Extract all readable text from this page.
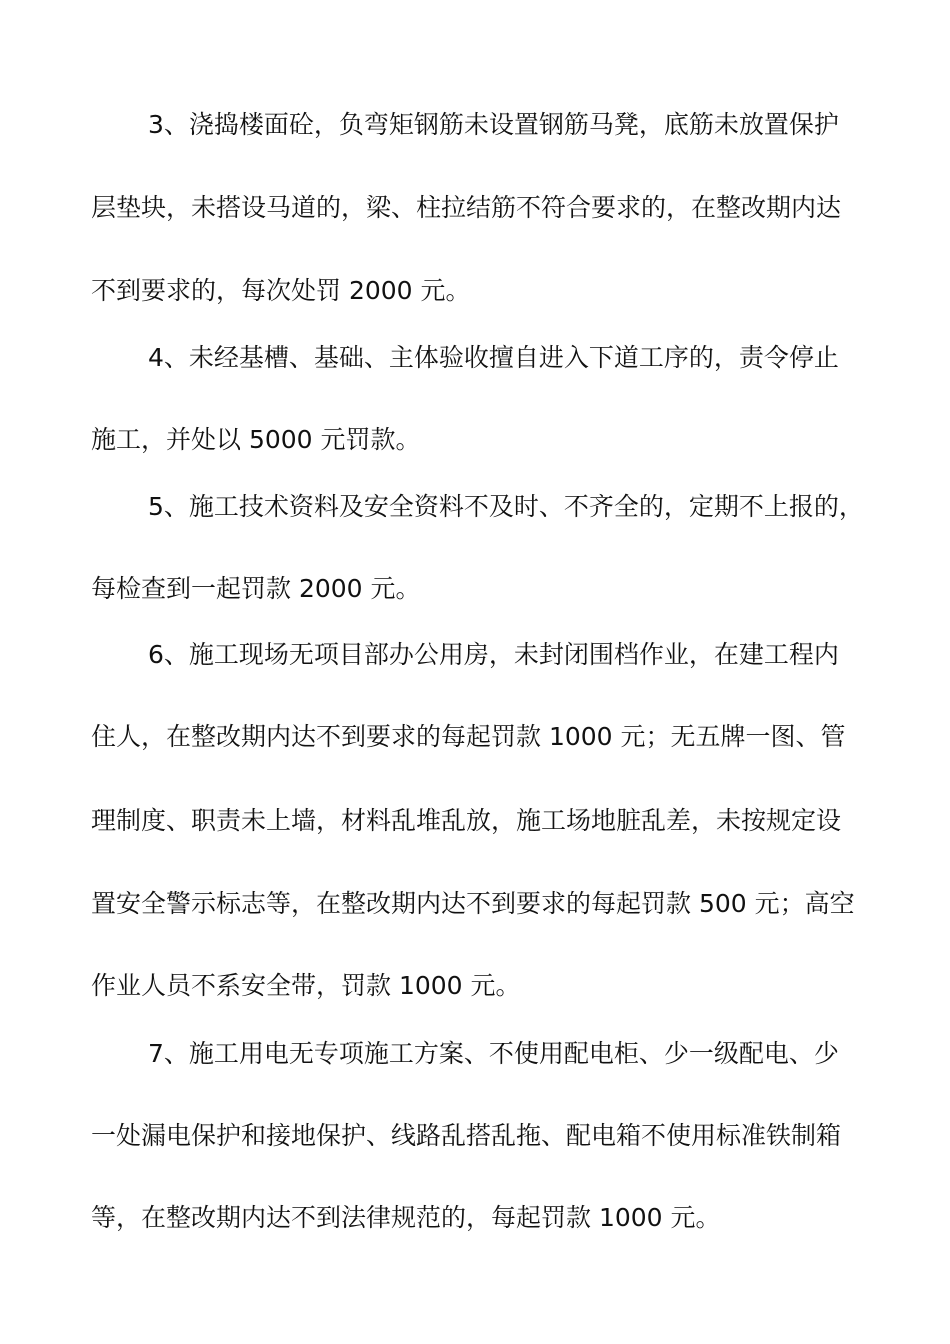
3、浇捣楼面砼，负弯矩钢筋未设置钢筋马凳，底筋未放置保护
层垫块，未搭设马道的，梁、柱拉结筋不符合要求的，在整改期内达
不到要求的，每次处罚 2000 元。
4、未经基槽、基础、主体验收擅自进入下道工序的，责令停止
施工，并处以 5000 元罚款。
5、施工技术资料及安全资料不及时、不齐全的，定期不上报的，
每检查到一起罚款 2000 元。
6、施工现场无项目部办公用房，未封闭围档作业，在建工程内
住人，在整改期内达不到要求的每起罚款 1000 元；无五牌一图、管
理制度、职责未上墙，材料乱堆乱放，施工场地脏乱差，未按规定设
置安全警示标志等，在整改期内达不到要求的每起罚款 500 元；高空
作业人员不系安全带，罚款 1000 元。
7、施工用电无专项施工方案、不使用配电柜、少一级配电、少
一处漏电保护和接地保护、线路乱搭乱拖、配电箱不使用标准铁制箱
等，在整改期内达不到法律规范的，每起罚款 1000 元。
